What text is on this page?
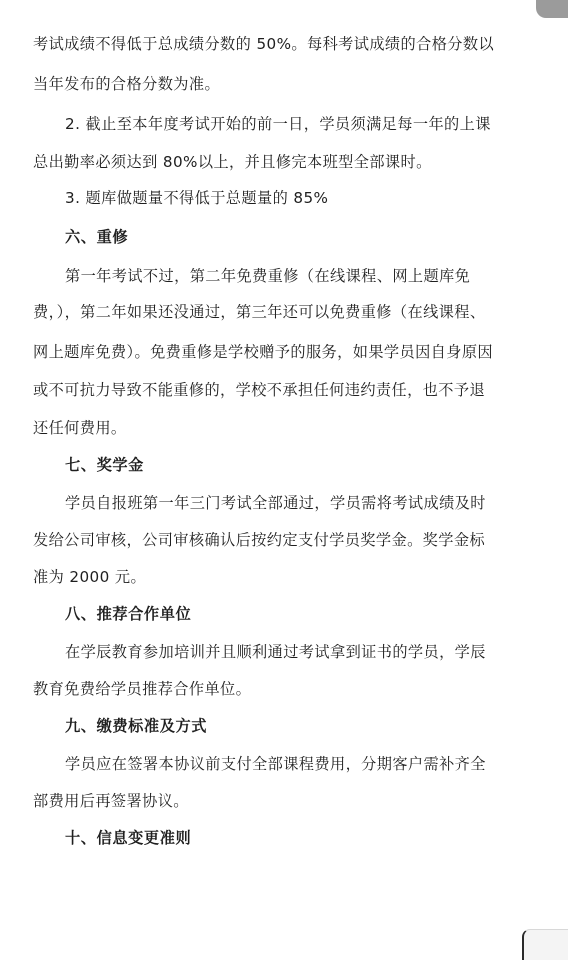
考试成绩不得低于总成绩分数的 50%。每科考试成绩的合格分数以
当年发布的合格分数为准。
2. 截止至本年度考试开始的前一日，学员须满足每一年的上课
总出勤率必须达到 80%以上，并且修完本班型全部课时。
3. 题库做题量不得低于总题量的 85%
六、重修
第一年考试不过，第二年免费重修（在线课程、网上题库免
费，），第二年如果还没通过，第三年还可以免费重修（在线课程、
网上题库免费）。免费重修是学校赠予的服务，如果学员因自身原因
或不可抗力导致不能重修的，学校不承担任何违约责任，也不予退
还任何费用。
七、奖学金
学员自报班第一年三门考试全部通过，学员需将考试成绩及时
发给公司审核，公司审核确认后按约定支付学员奖学金。奖学金标
准为 2000 元。
八、推荐合作单位
在学辰教育参加培训并且顺利通过考试拿到证书的学员，学辰
教育免费给学员推荐合作单位。
九、缴费标准及方式
学员应在签署本协议前支付全部课程费用，分期客户需补齐全
部费用后再签署协议。
十、信息变更准则
